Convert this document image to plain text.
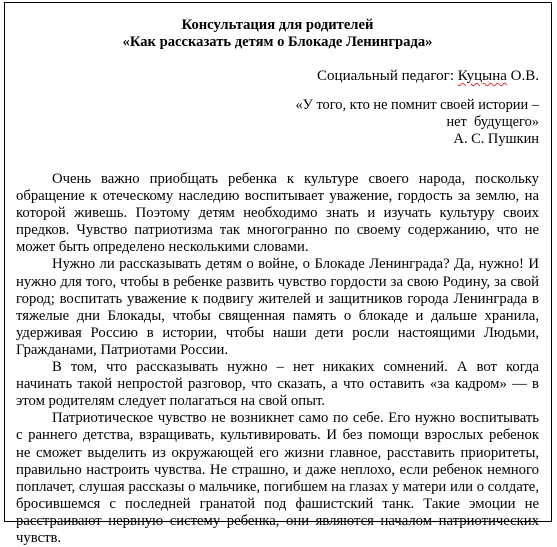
Консультация для родителей
«Как рассказать детям о Блокаде Ленинграда»
Социальный педагог: Куцына О.В.
«У того, кто не помнит своей истории –
нет  будущего»
А. С. Пушкин

Очень важно приобщать ребенка к культуре своего народа, поскольку обращение к отеческому наследию воспитывает уважение, гордость за землю, на которой живешь. Поэтому детям необходимо знать и изучать культуру своих предков. Чувство патриотизма так многогранно по своему содержанию, что не может быть определено несколькими словами.

Нужно ли рассказывать детям о войне, о Блокаде Ленинграда? Да, нужно! И нужно для того, чтобы в ребенке развить чувство гордости за свою Родину, за свой город; воспитать уважение к подвигу жителей и защитников города Ленинграда в тяжелые дни Блокады, чтобы священная память о блокаде и дальше хранила, удерживая Россию в истории, чтобы наши дети росли настоящими Людьми, Гражданами, Патриотами России.

В том, что рассказывать нужно – нет никаких сомнений. А вот когда начинать такой непростой разговор, что сказать, а что оставить «за кадром» — в этом родителям следует полагаться на свой опыт.

Патриотическое чувство не возникнет само по себе. Его нужно воспитывать с раннего детства, взращивать, культивировать. И без помощи взрослых ребенок не сможет выделить из окружающей его жизни главное, расставить приоритеты, правильно настроить чувства. Не страшно, и даже неплохо, если ребенок немного поплачет, слушая рассказы о мальчике, погибшем на глазах у матери или о солдате, бросившемся с последней гранатой под фашистский танк. Такие эмоции не расстраивают нервную систему ребенка, они являются началом патриотических чувств.
